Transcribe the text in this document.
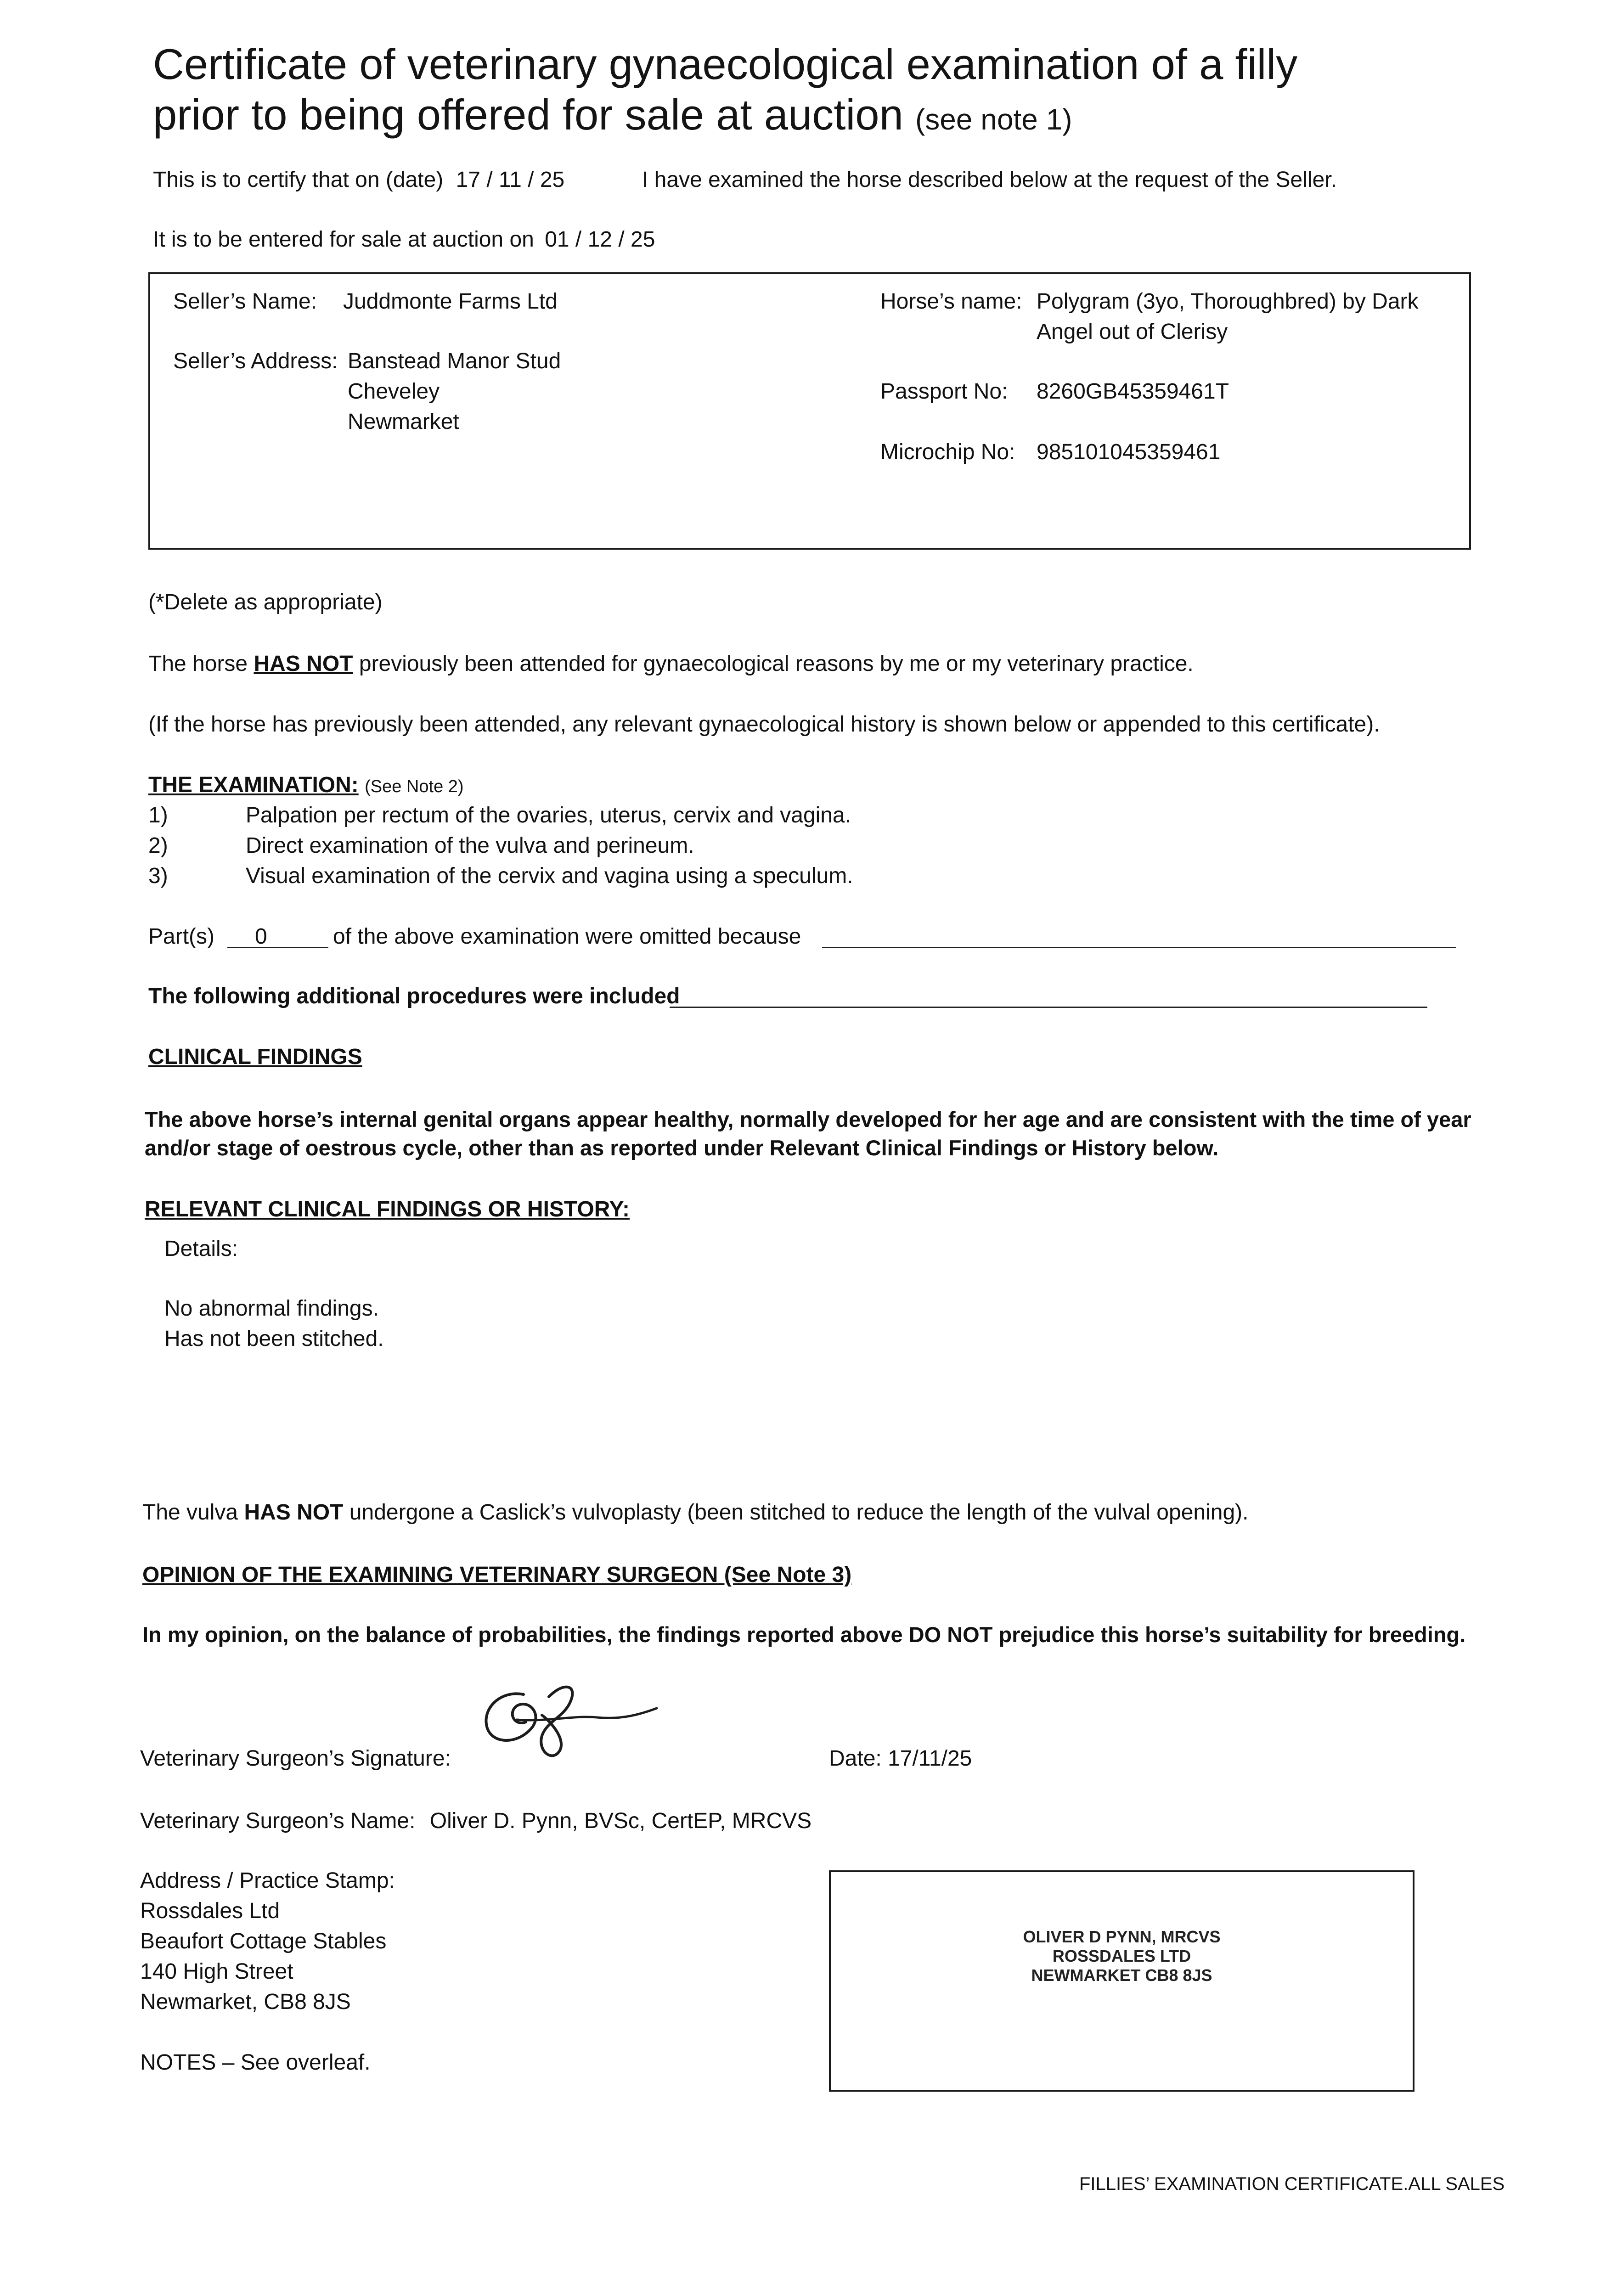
Certificate of veterinary gynaecological examination of a filly
prior to being offered for sale at auction (see note 1)
This is to certify that on (date) 17 / 11 / 25	I have examined the horse described below at the request of the Seller.
It is to be entered for sale at auction on 01 / 12 / 25
Seller’s Name: Juddmonte Farms Ltd
Seller’s Address: Banstead Manor Stud
Cheveley
Newmarket
Horse’s name: Polygram (3yo, Thoroughbred) by Dark
Angel out of Clerisy
Passport No: 8260GB45359461T
Microchip No: 985101045359461
(*Delete as appropriate)
The horse HAS NOT previously been attended for gynaecological reasons by me or my veterinary practice.
(If the horse has previously been attended, any relevant gynaecological history is shown below or appended to this certificate).
THE EXAMINATION: (See Note 2)
1)	Palpation per rectum of the ovaries, uterus, cervix and vagina.
2)	Direct examination of the vulva and perineum.
3)	Visual examination of the cervix and vagina using a speculum.
Part(s) 0	of the above examination were omitted because
The following additional procedures were included
CLINICAL FINDINGS
The above horse’s internal genital organs appear healthy, normally developed for her age and are consistent with the time of year
and/or stage of oestrous cycle, other than as reported under Relevant Clinical Findings or History below.
RELEVANT CLINICAL FINDINGS OR HISTORY:
Details:
No abnormal findings.
Has not been stitched.
The vulva HAS NOT undergone a Caslick’s vulvoplasty (been stitched to reduce the length of the vulval opening).
OPINION OF THE EXAMINING VETERINARY SURGEON (See Note 3)
In my opinion, on the balance of probabilities, the findings reported above DO NOT prejudice this horse’s suitability for breeding.
Veterinary Surgeon’s Signature:	Date: 17/11/25
Veterinary Surgeon’s Name: Oliver D. Pynn, BVSc, CertEP, MRCVS
Address / Practice Stamp:
Rossdales Ltd
Beaufort Cottage Stables
140 High Street
Newmarket, CB8 8JS
OLIVER D PYNN, MRCVS
ROSSDALES LTD
NEWMARKET CB8 8JS
NOTES – See overleaf.
FILLIES’ EXAMINATION CERTIFICATE.ALL SALES
